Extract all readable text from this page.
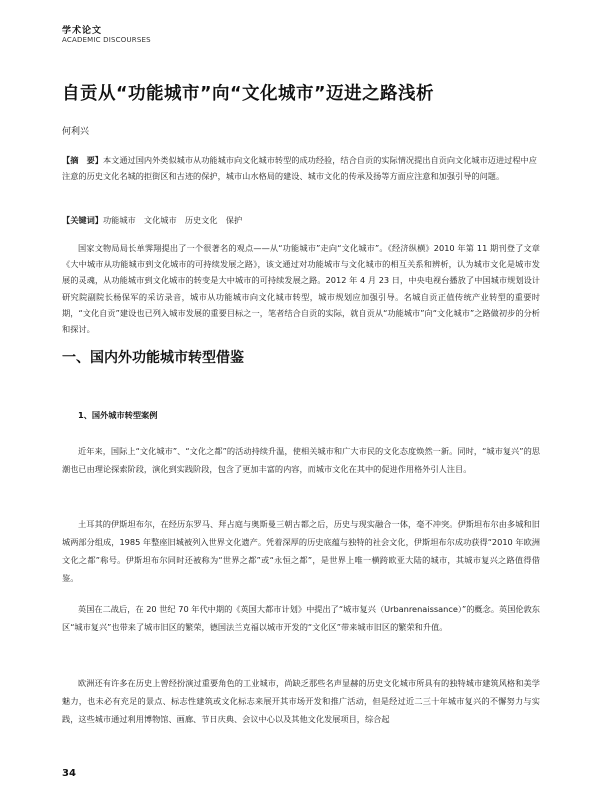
学术论文
ACADEMIC DISCOURSES
自贡从“功能城市”向“文化城市”迈进之路浅析
何利兴
【摘　要】本文通过国内外类似城市从功能城市向文化城市转型的成功经验，结合自贡的实际情况提出自贡向文化城市迈进过程中应注意的历史文化名城的拒街区和古迹的保护，城市山水格局的建设、城市文化的传承及扬等方面应注意和加强引导的问题。
【关键词】功能城市　文化城市　历史文化　保护
国家文物局局长单霁翔提出了一个很著名的观点——从“功能城市”走向“文化城市”。《经济纵横》2010 年第 11 期刊登了文章《大中城市从功能城市到文化城市的可持续发展之路》，该文通过对功能城市与文化城市的相互关系和辨析，认为城市文化是城市发展的灵魂，从功能城市到文化城市的转变是大中城市的可持续发展之路。2012 年 4 月 23 日，中央电视台播放了中国城市规划设计研究院副院长杨保军的采访录音，城市从功能城市向文化城市转型，城市规划应加强引导。名城自贡正值传统产业转型的重要时期，“文化自贡”建设也已列入城市发展的重要目标之一，笔者结合自贡的实际，就自贡从“功能城市”向“文化城市”之路做初步的分析和探讨。
一、国内外功能城市转型借鉴
1、国外城市转型案例
近年来，国际上“文化城市”、“文化之都”的活动持续升温，使相关城市和广大市民的文化态度焕然一新。同时，“城市复兴”的思潮也已由理论探索阶段，演化到实践阶段，包含了更加丰富的内容，而城市文化在其中的促进作用格外引人注目。
土耳其的伊斯坦布尔，在经历东罗马、拜占庭与奥斯曼三朝古都之后，历史与现实融合一体，毫不冲突。伊斯坦布尔由多城和旧城两部分组成，1985 年整座旧城被列入世界文化遗产。凭着深厚的历史底蕴与独特的社会文化，伊斯坦布尔成功获得“2010 年欧洲文化之都”称号。伊斯坦布尔同时还被称为“世界之都”或“永恒之都”，是世界上唯一横跨欧亚大陆的城市，其城市复兴之路值得借鉴。
英国在二战后，在 20 世纪 70 年代中期的《英国大都市计划》中提出了“城市复兴（Urbanrenaissance）”的概念。英国伦敦东区“城市复兴”也带来了城市旧区的繁荣，德国法兰克福以城市开发的“文化区”带来城市旧区的繁荣和升值。
欧洲还有许多在历史上曾经扮演过重要角色的工业城市，尚缺乏那些名声显赫的历史文化城市所具有的独特城市建筑风格和美学魅力，也未必有充足的景点、标志性建筑或文化标志来展开其市场开发和推广活动，但是经过近二三十年城市复兴的不懈努力与实践，这些城市通过利用博物馆、画廊、节日庆典、会议中心以及其他文化发展项目，综合起
34
